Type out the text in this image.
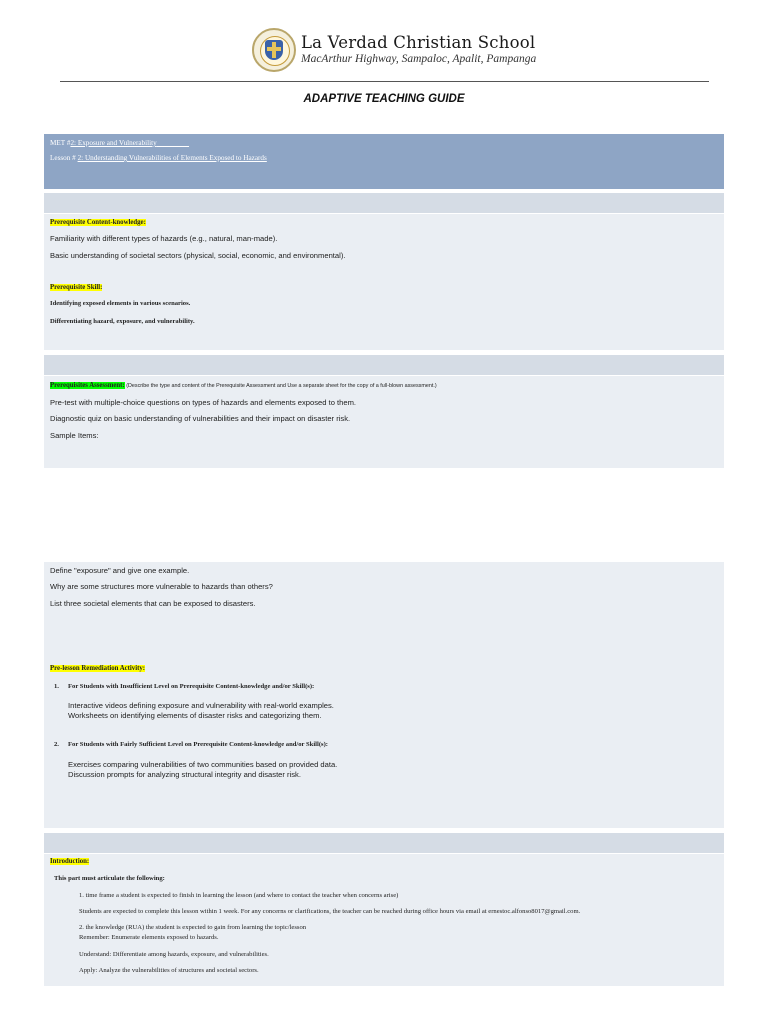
La Verdad Christian School
MacArthur Highway, Sampaloc, Apalit, Pampanga
ADAPTIVE TEACHING GUIDE
MET #2: Exposure and Vulnerability
Lesson # 2: Understanding Vulnerabilities of Elements Exposed to Hazards
Prerequisite Content-knowledge:
Familiarity with different types of hazards (e.g., natural, man-made).
Basic understanding of societal sectors (physical, social, economic, and environmental).
Prerequisite Skill:
Identifying exposed elements in various scenarios.
Differentiating hazard, exposure, and vulnerability.
Prerequisites Assessment: (Describe the type and content of the Prerequisite Assessment and Use a separate sheet for the copy of a full-blown assessment.)
Pre-test with multiple-choice questions on types of hazards and elements exposed to them.
Diagnostic quiz on basic understanding of vulnerabilities and their impact on disaster risk.
Sample Items:
Define "exposure" and give one example.
Why are some structures more vulnerable to hazards than others?
List three societal elements that can be exposed to disasters.
Pre-lesson Remediation Activity:
1. For Students with Insufficient Level on Prerequisite Content-knowledge and/or Skill(s):
Interactive videos defining exposure and vulnerability with real-world examples.
Worksheets on identifying elements of disaster risks and categorizing them.
2. For Students with Fairly Sufficient Level on Prerequisite Content-knowledge and/or Skill(s):
Exercises comparing vulnerabilities of two communities based on provided data.
Discussion prompts for analyzing structural integrity and disaster risk.
Introduction:
This part must articulate the following:
1. time frame a student is expected to finish in learning the lesson (and where to contact the teacher when concerns arise)
Students are expected to complete this lesson within 1 week. For any concerns or clarifications, the teacher can be reached during office hours via email at ernestoc.alfonso8017@gmail.com.
2. the knowledge (RUA) the student is expected to gain from learning the topic/lesson
Remember: Enumerate elements exposed to hazards.
Understand: Differentiate among hazards, exposure, and vulnerabilities.
Apply: Analyze the vulnerabilities of structures and societal sectors.
